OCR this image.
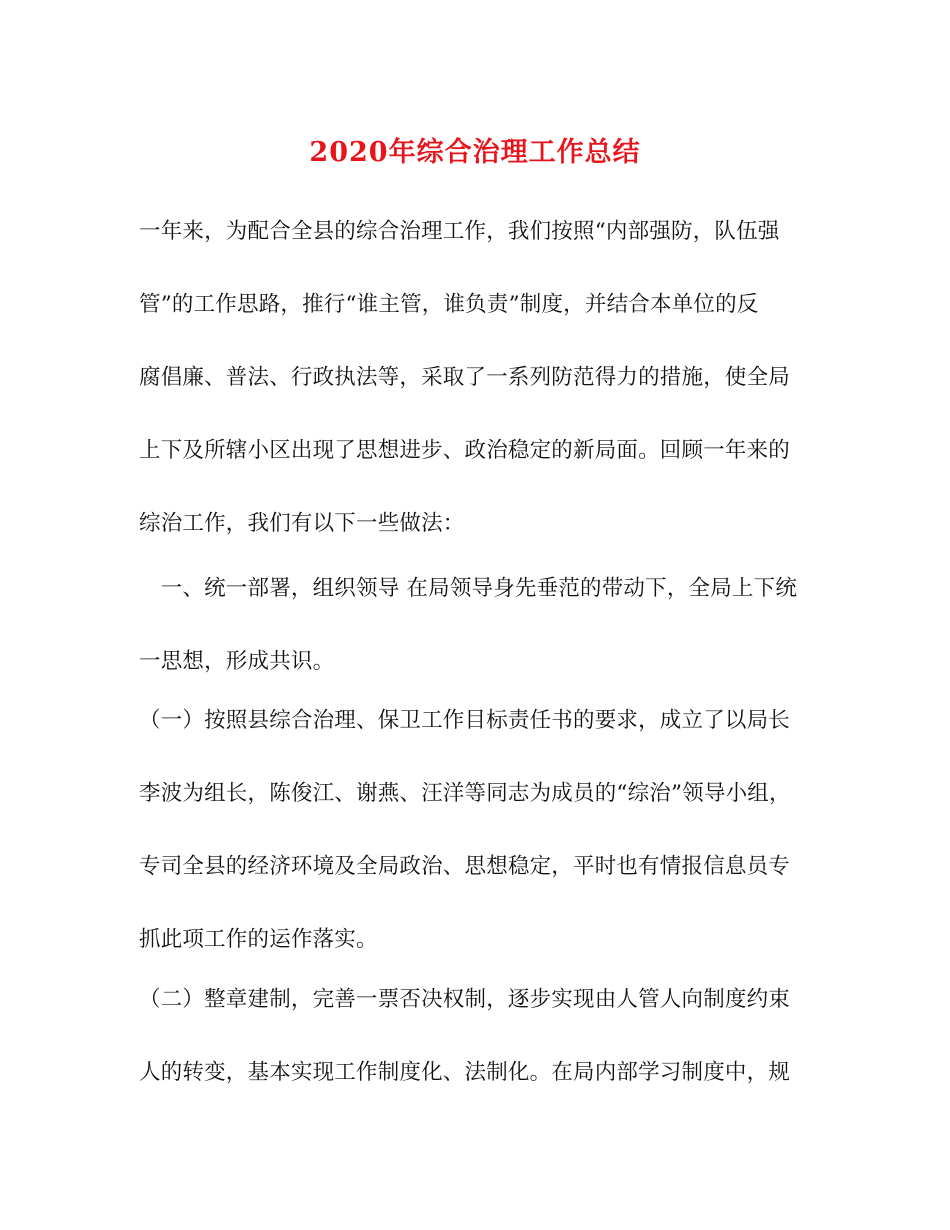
2020年综合治理工作总结
一年来，为配合全县的综合治理工作，我们按照“内部强防，队伍强
管”的工作思路，推行“谁主管，谁负责”制度，并结合本单位的反
腐倡廉、普法、行政执法等，采取了一系列防范得力的措施，使全局
上下及所辖小区出现了思想进步、政治稳定的新局面。回顾一年来的
综治工作，我们有以下一些做法：
　一、统一部署，组织领导 在局领导身先垂范的带动下，全局上下统
一思想，形成共识。
（一）按照县综合治理、保卫工作目标责任书的要求，成立了以局长
李波为组长，陈俊江、谢燕、汪洋等同志为成员的“综治”领导小组，
专司全县的经济环境及全局政治、思想稳定，平时也有情报信息员专
抓此项工作的运作落实。
（二）整章建制，完善一票否决权制，逐步实现由人管人向制度约束
人的转变，基本实现工作制度化、法制化。在局内部学习制度中，规
